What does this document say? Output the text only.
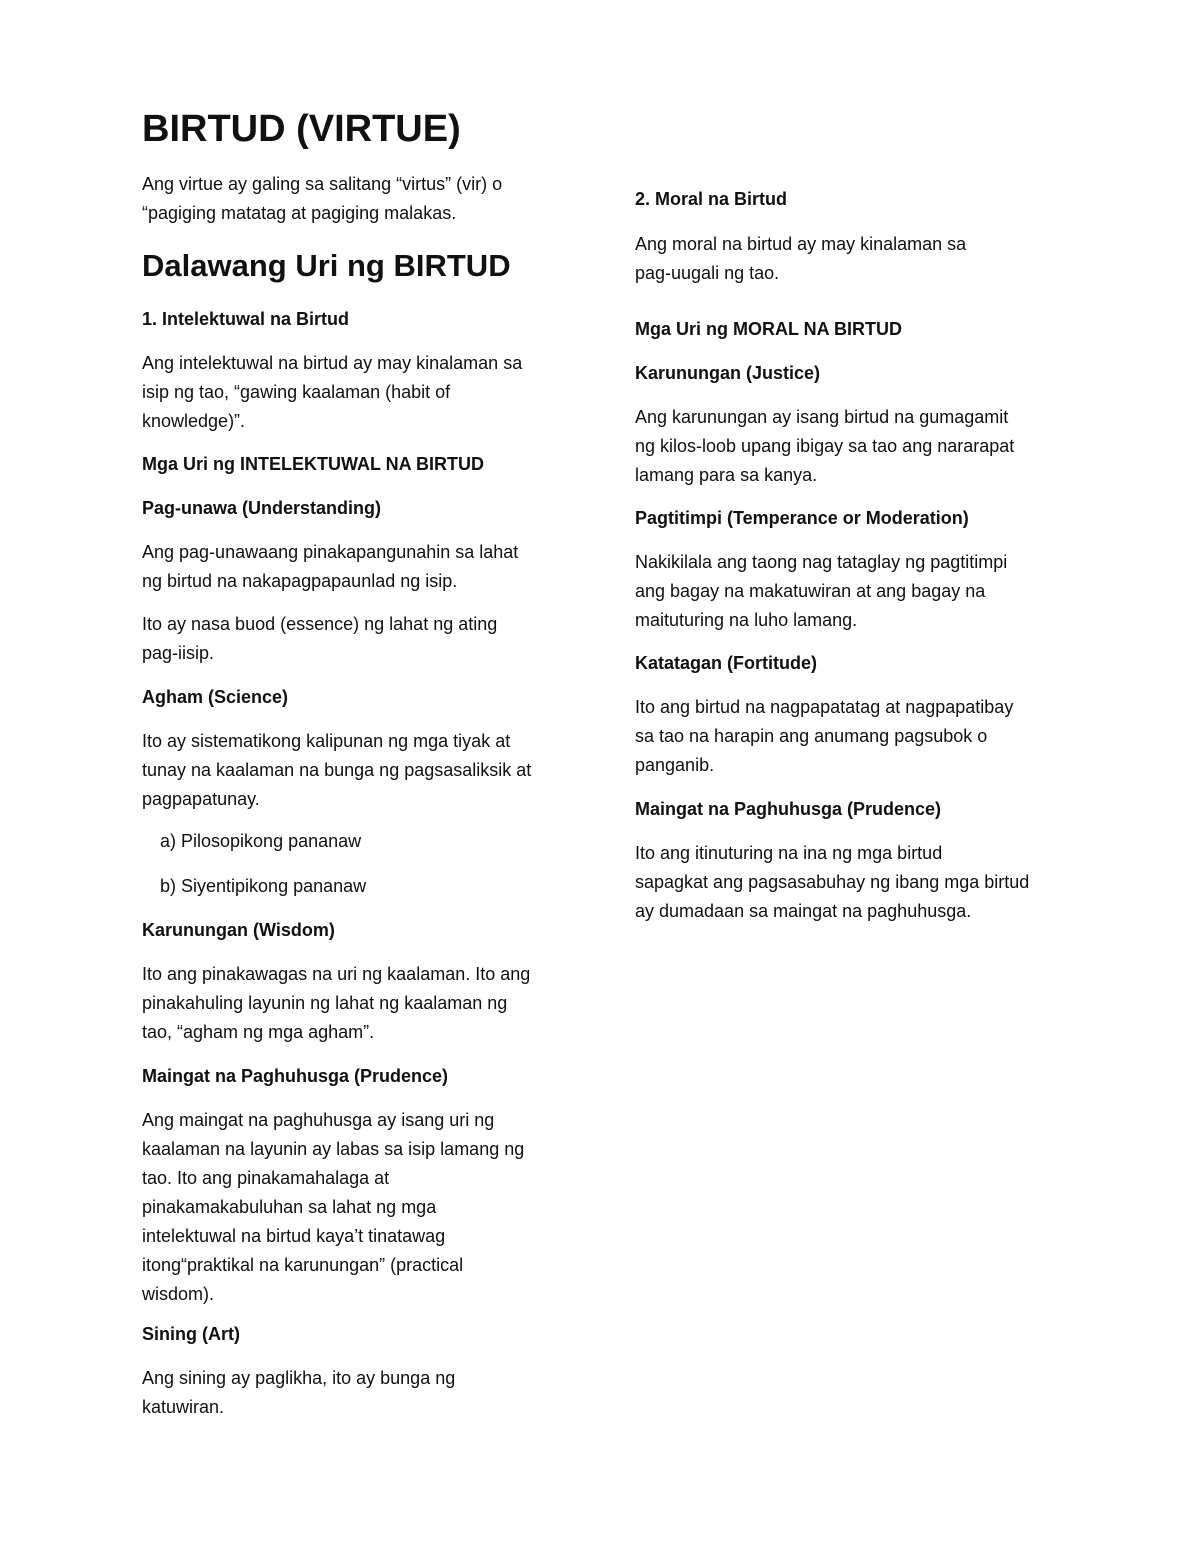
BIRTUD (VIRTUE)
Ang virtue ay galing sa salitang “virtus” (vir) o
“pagiging matatag at pagiging malakas.
Dalawang Uri ng BIRTUD
1. Intelektuwal na Birtud
Ang intelektuwal na birtud ay may kinalaman sa
isip ng tao, “gawing kaalaman (habit of
knowledge)”.
Mga Uri ng INTELEKTUWAL NA BIRTUD
Pag-unawa (Understanding)
Ang pag-unawaang pinakapangunahin sa lahat
ng birtud na nakapagpapaunlad ng isip.
Ito ay nasa buod (essence) ng lahat ng ating
pag-iisip.
Agham (Science)
Ito ay sistematikong kalipunan ng mga tiyak at
tunay na kaalaman na bunga ng pagsasaliksik at
pagpapatunay.
a) Pilosopikong pananaw
b) Siyentipikong pananaw
Karunungan (Wisdom)
Ito ang pinakawagas na uri ng kaalaman. Ito ang
pinakahuling layunin ng lahat ng kaalaman ng
tao, “agham ng mga agham”.
Maingat na Paghuhusga (Prudence)
Ang maingat na paghuhusga ay isang uri ng
kaalaman na layunin ay labas sa isip lamang ng
tao. Ito ang pinakamahalaga at
pinakamakabuluhan sa lahat ng mga
intelektuwal na birtud kaya’t tinatawag
itong“praktikal na karunungan” (practical
wisdom).
Sining (Art)
Ang sining ay paglikha, ito ay bunga ng
katuwiran.
2. Moral na Birtud
Ang moral na birtud ay may kinalaman sa
pag-uugali ng tao.
Mga Uri ng MORAL NA BIRTUD
Karunungan (Justice)
Ang karunungan ay isang birtud na gumagamit
ng kilos-loob upang ibigay sa tao ang nararapat
lamang para sa kanya.
Pagtitimpi (Temperance or Moderation)
Nakikilala ang taong nag tataglay ng pagtitimpi
ang bagay na makatuwiran at ang bagay na
maituturing na luho lamang.
Katatagan (Fortitude)
Ito ang birtud na nagpapatatag at nagpapatibay
sa tao na harapin ang anumang pagsubok o
panganib.
Maingat na Paghuhusga (Prudence)
Ito ang itinuturing na ina ng mga birtud
sapagkat ang pagsasabuhay ng ibang mga birtud
ay dumadaan sa maingat na paghuhusga.
